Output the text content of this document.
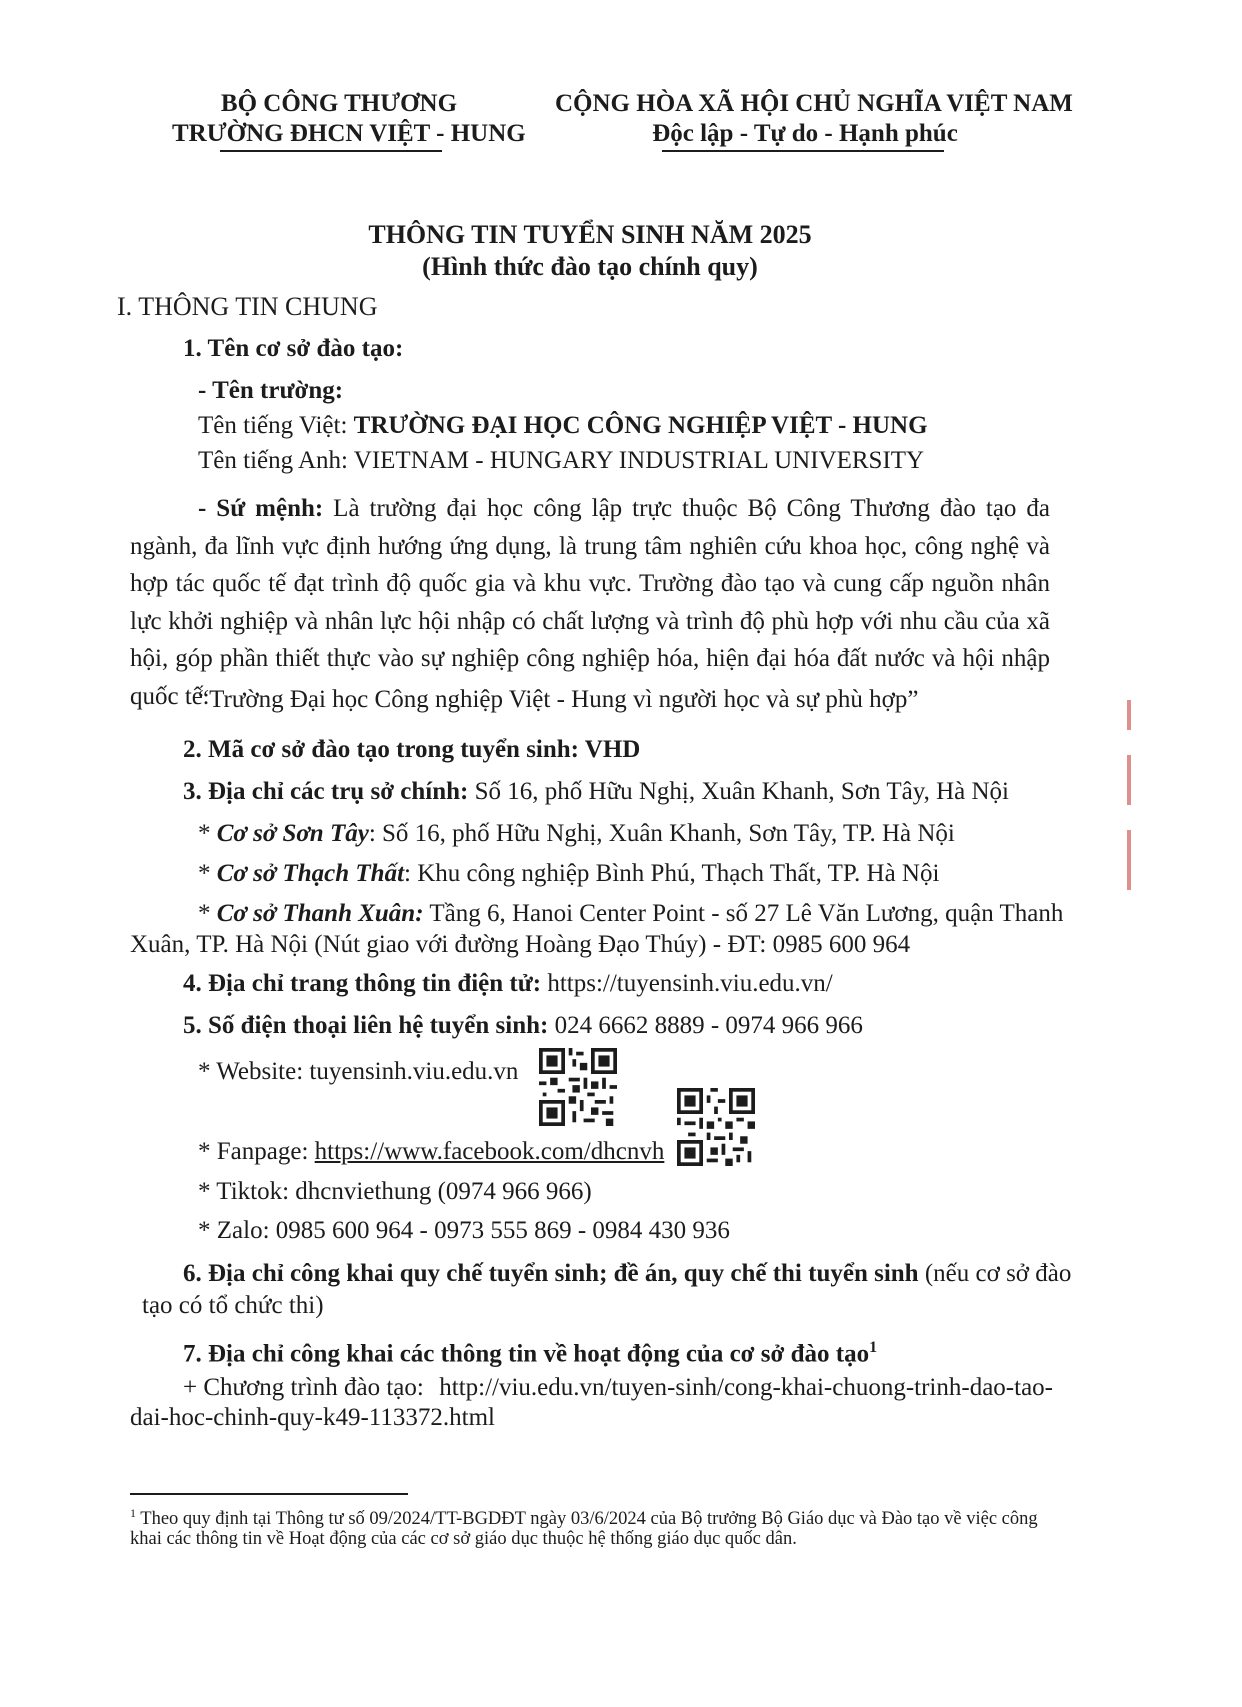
BỘ CÔNG THƯƠNG
TRƯỜNG ĐHCN VIỆT - HUNG
CỘNG HÒA XÃ HỘI CHỦ NGHĨA VIỆT NAM
Độc lập - Tự do - Hạnh phúc
THÔNG TIN TUYỂN SINH NĂM 2025
(Hình thức đào tạo chính quy)
I. THÔNG TIN CHUNG
1. Tên cơ sở đào tạo:
- Tên trường:
Tên tiếng Việt: TRƯỜNG ĐẠI HỌC CÔNG NGHIỆP VIỆT - HUNG
Tên tiếng Anh: VIETNAM - HUNGARY INDUSTRIAL UNIVERSITY
- Sứ mệnh: Là trường đại học công lập trực thuộc Bộ Công Thương đào tạo đa ngành, đa lĩnh vực định hướng ứng dụng, là trung tâm nghiên cứu khoa học, công nghệ và hợp tác quốc tế đạt trình độ quốc gia và khu vực. Trường đào tạo và cung cấp nguồn nhân lực khởi nghiệp và nhân lực hội nhập có chất lượng và trình độ phù hợp với nhu cầu của xã hội, góp phần thiết thực vào sự nghiệp công nghiệp hóa, hiện đại hóa đất nước và hội nhập quốc tế.
“Trường Đại học Công nghiệp Việt - Hung vì người học và sự phù hợp”
2. Mã cơ sở đào tạo trong tuyển sinh: VHD
3. Địa chỉ các trụ sở chính: Số 16, phố Hữu Nghị, Xuân Khanh, Sơn Tây, Hà Nội
* Cơ sở Sơn Tây: Số 16, phố Hữu Nghị, Xuân Khanh, Sơn Tây, TP. Hà Nội
* Cơ sở Thạch Thất: Khu công nghiệp Bình Phú, Thạch Thất, TP. Hà Nội
* Cơ sở Thanh Xuân: Tầng 6, Hanoi Center Point - số 27 Lê Văn Lương, quận Thanh
Xuân, TP. Hà Nội (Nút giao với đường Hoàng Đạo Thúy) - ĐT: 0985 600 964
4. Địa chỉ trang thông tin điện tử: https://tuyensinh.viu.edu.vn/
5. Số điện thoại liên hệ tuyển sinh: 024 6662 8889 - 0974 966 966
* Website: tuyensinh.viu.edu.vn
* Fanpage: https://www.facebook.com/dhcnvh
* Tiktok: dhcnviethung (0974 966 966)
* Zalo: 0985 600 964 - 0973 555 869 - 0984 430 936
6. Địa chỉ công khai quy chế tuyển sinh; đề án, quy chế thi tuyển sinh (nếu cơ sở đào
tạo có tổ chức thi)
7. Địa chỉ công khai các thông tin về hoạt động của cơ sở đào tạo$^1$
+ Chương trình đào tạo: http://viu.edu.vn/tuyen-sinh/cong-khai-chuong-trinh-dao-tao-
dai-hoc-chinh-quy-k49-113372.html
$^1$ Theo quy định tại Thông tư số 09/2024/TT-BGDĐT ngày 03/6/2024 của Bộ trưởng Bộ Giáo dục và Đào tạo về việc công
khai các thông tin về Hoạt động của các cơ sở giáo dục thuộc hệ thống giáo dục quốc dân.
